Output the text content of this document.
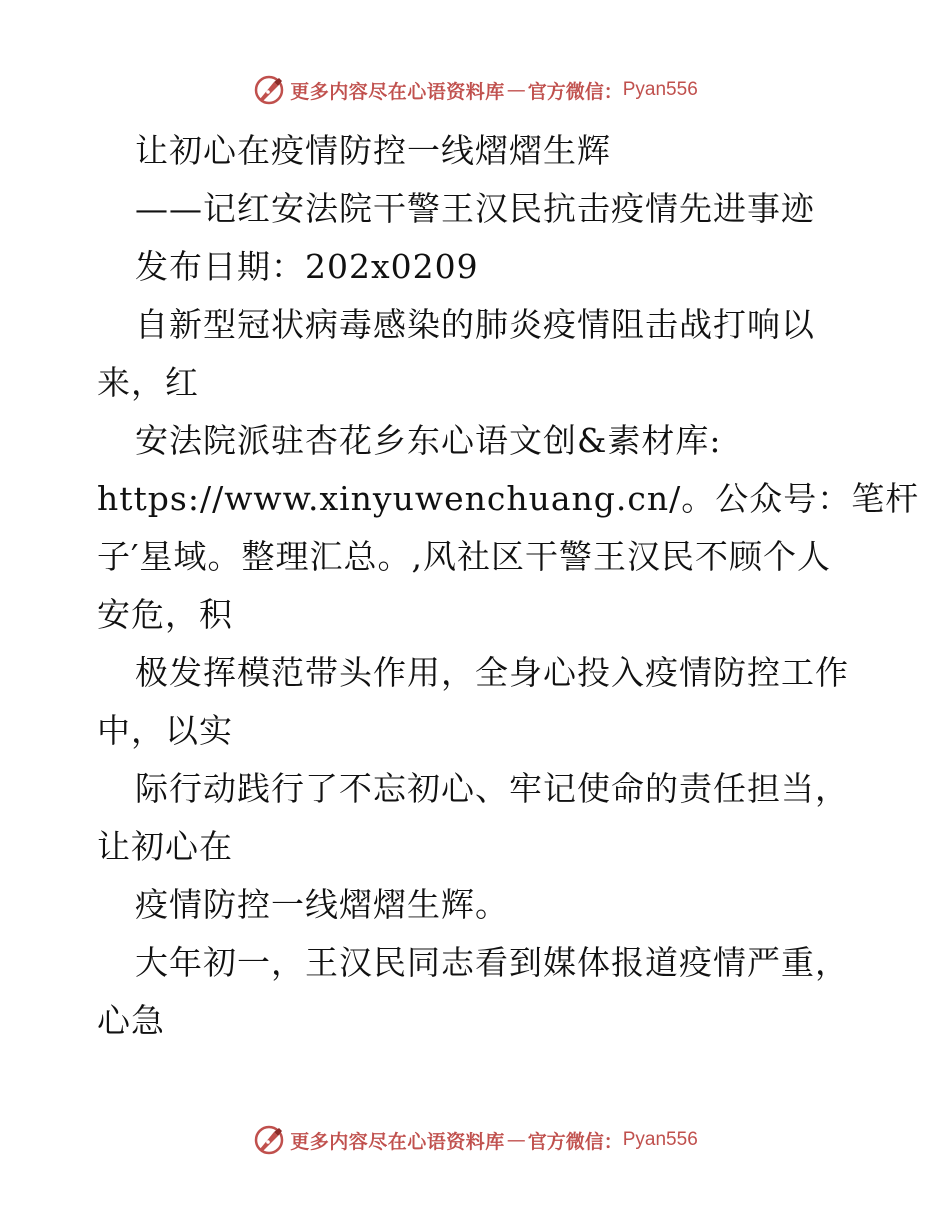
更多内容尽在心语资料库 — 官方微信： Pyan556
让初心在疫情防控一线熠熠生辉
——记红安法院干警王汉民抗击疫情先进事迹
发布日期：202x0209
自新型冠状病毒感染的肺炎疫情阻击战打响以
来，红
安法院派驻杏花乡东心语文创&素材库:
https://www.xinyuwenchuang.cn/。公众号：笔杆
子′星域。整理汇总。,风社区干警王汉民不顾个人
安危，积
极发挥模范带头作用，全身心投入疫情防控工作
中，以实
际行动践行了不忘初心、牢记使命的责任担当，
让初心在
疫情防控一线熠熠生辉。
大年初一，王汉民同志看到媒体报道疫情严重，
心急
更多内容尽在心语资料库 — 官方微信： Pyan556
